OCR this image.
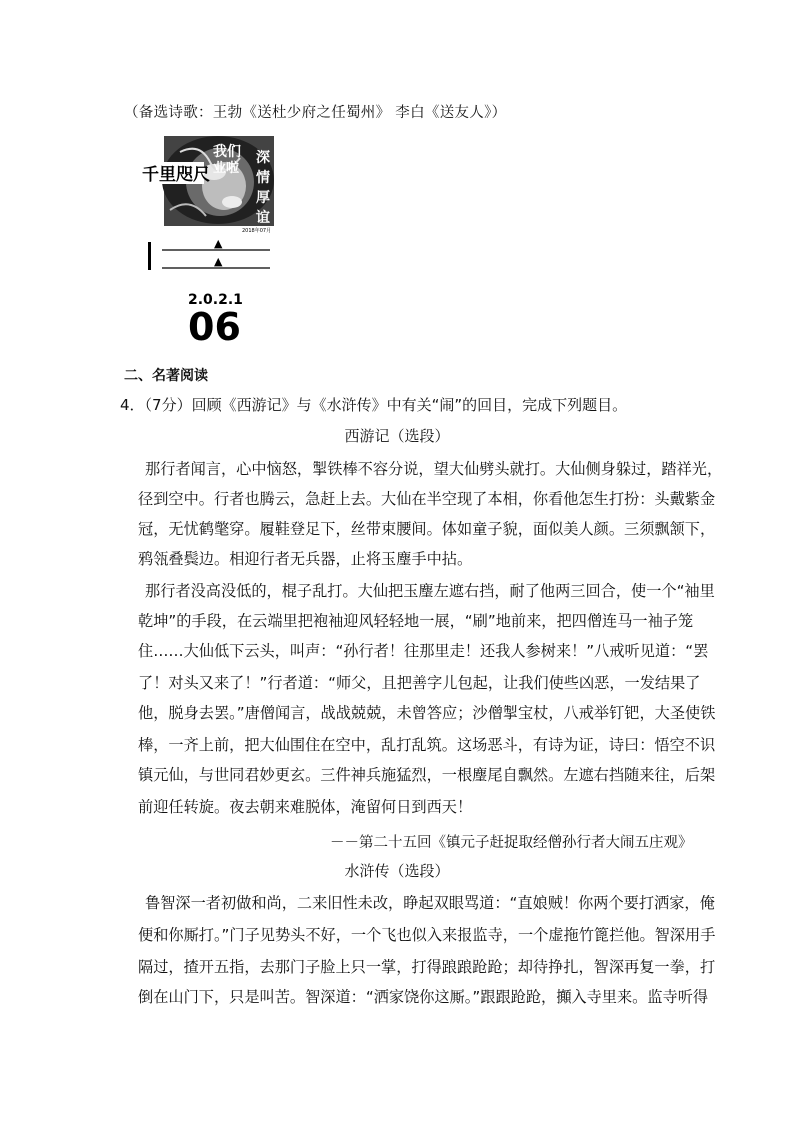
（备选诗歌：王勃《送杜少府之任蜀州》 李白《送友人》）
我们
业啦
深
情
厚
谊
千里咫尺
2018年07月
▲
▲
2.0.2.1
06
二、名著阅读
4．（7分）回顾《西游记》与《水浒传》中有关“闹”的回目，完成下列题目。
西游记（选段）
那行者闻言，心中恼怒，掣铁棒不容分说，望大仙劈头就打。大仙侧身躲过，踏祥光，
径到空中。行者也腾云，急赶上去。大仙在半空现了本相，你看他怎生打扮：头戴紫金
冠，无忧鹤氅穿。履鞋登足下，丝带束腰间。体如童子貌，面似美人颜。三须飘颔下，
鸦瓴叠鬓边。相迎行者无兵器，止将玉麈手中拈。
那行者没高没低的，棍子乱打。大仙把玉麈左遮右挡，耐了他两三回合，使一个“袖里
乾坤”的手段，在云端里把袍袖迎风轻轻地一展，“刷”地前来，把四僧连马一袖子笼
住……大仙低下云头，叫声：“孙行者！往那里走！还我人参树来！”八戒听见道：“罢
了！对头又来了！”行者道：“师父，且把善字儿包起，让我们使些凶恶，一发结果了
他，脱身去罢。”唐僧闻言，战战兢兢，未曾答应；沙僧掣宝杖，八戒举钉钯，大圣使铁
棒，一齐上前，把大仙围住在空中，乱打乱筑。这场恶斗，有诗为证，诗曰：悟空不识
镇元仙，与世同君妙更玄。三件神兵施猛烈，一根麈尾自飘然。左遮右挡随来往，后架
前迎任转旋。夜去朝来难脱体，淹留何日到西天！
－－第二十五回《镇元子赶捉取经僧孙行者大闹五庄观》
水浒传（选段）
鲁智深一者初做和尚，二来旧性未改，睁起双眼骂道：“直娘贼！你两个要打洒家，俺
便和你厮打。”门子见势头不好，一个飞也似入来报监寺，一个虚拖竹篦拦他。智深用手
隔过，揸开五指，去那门子脸上只一掌，打得踉踉跄跄；却待挣扎，智深再复一拳，打
倒在山门下，只是叫苦。智深道：“洒家饶你这厮。”跟跟跄跄，攧入寺里来。监寺听得
